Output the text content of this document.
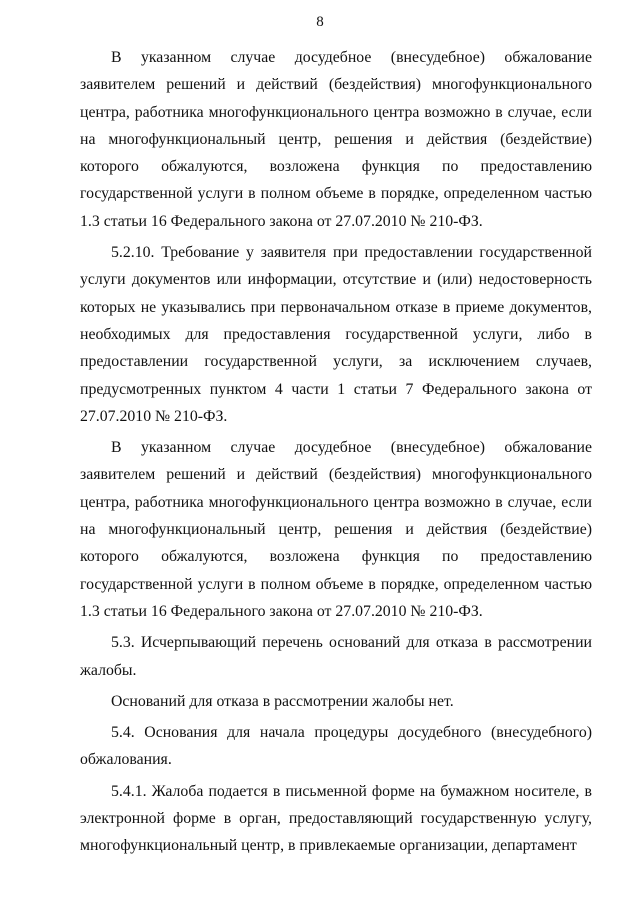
8

В указанном случае досудебное (внесудебное) обжалование заявителем решений и действий (бездействия) многофункционального центра, работника многофункционального центра возможно в случае, если на многофункциональный центр, решения и действия (бездействие) которого обжалуются, возложена функция по предоставлению государственной услуги в полном объеме в порядке, определенном частью 1.3 статьи 16 Федерального закона от 27.07.2010 № 210-ФЗ.

5.2.10. Требование у заявителя при предоставлении государственной услуги документов или информации, отсутствие и (или) недостоверность которых не указывались при первоначальном отказе в приеме документов, необходимых для предоставления государственной услуги, либо в предоставлении государственной услуги, за исключением случаев, предусмотренных пунктом 4 части 1 статьи 7 Федерального закона от 27.07.2010 № 210-ФЗ.

В указанном случае досудебное (внесудебное) обжалование заявителем решений и действий (бездействия) многофункционального центра, работника многофункционального центра возможно в случае, если на многофункциональный центр, решения и действия (бездействие) которого обжалуются, возложена функция по предоставлению государственной услуги в полном объеме в порядке, определенном частью 1.3 статьи 16 Федерального закона от 27.07.2010 № 210-ФЗ.

5.3. Исчерпывающий перечень оснований для отказа в рассмотрении жалобы.

Оснований для отказа в рассмотрении жалобы нет.

5.4. Основания для начала процедуры досудебного (внесудебного) обжалования.

5.4.1. Жалоба подается в письменной форме на бумажном носителе, в электронной форме в орган, предоставляющий государственную услугу, многофункциональный центр, в привлекаемые организации, департамент
